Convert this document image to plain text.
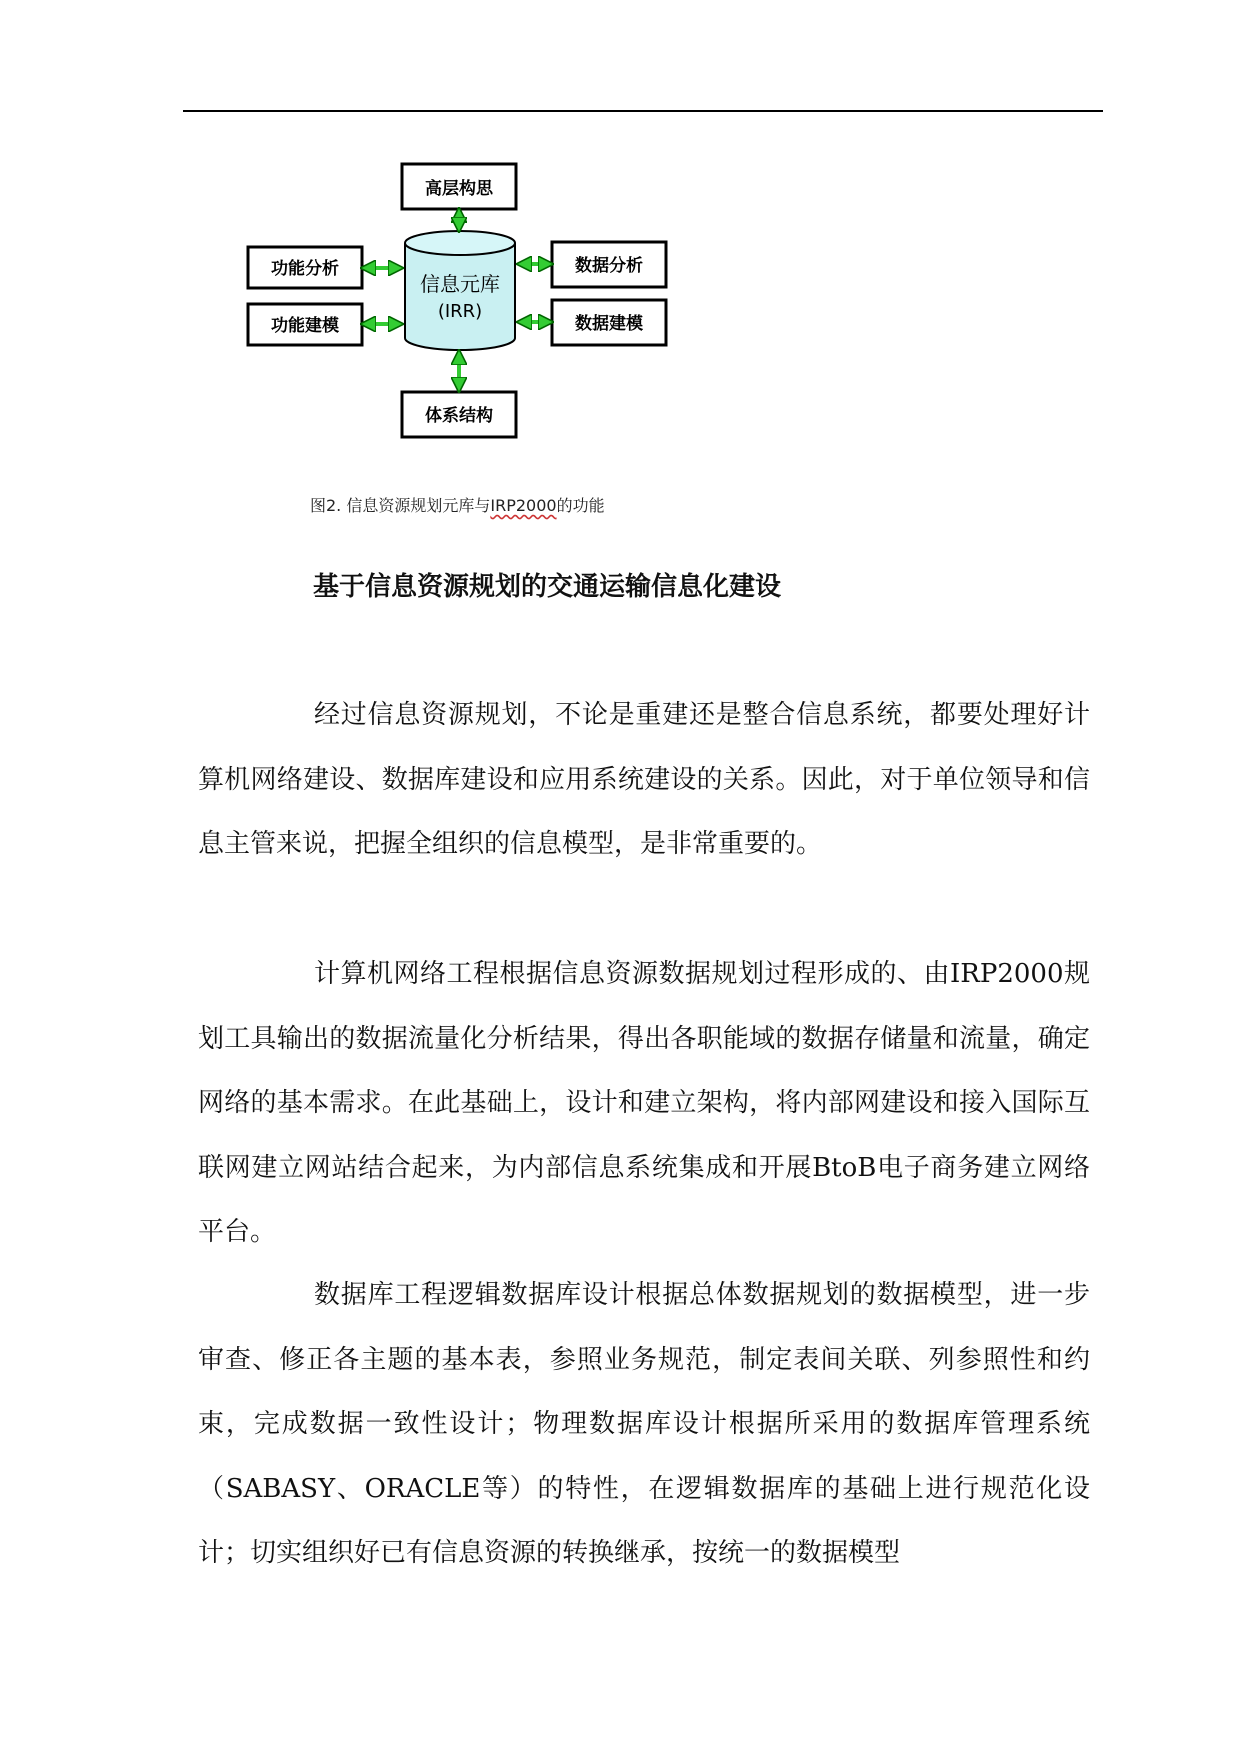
高层构思
功能分析
功能建模
数据分析
数据建模
体系结构
信息元库
(IRR)
图2. 信息资源规划元库与IRP2000的功能
基于信息资源规划的交通运输信息化建设

经过信息资源规划，不论是重建还是整合信息系统，都要处理好计算机网络建设、数据库建设和应用系统建设的关系。因此，对于单位领导和信息主管来说，把握全组织的信息模型，是非常重要的。

计算机网络工程根据信息资源数据规划过程形成的、由IRP2000规划工具输出的数据流量化分析结果，得出各职能域的数据存储量和流量，确定网络的基本需求。在此基础上，设计和建立架构，将内部网建设和接入国际互联网建立网站结合起来，为内部信息系统集成和开展BtoB电子商务建立网络平台。

数据库工程逻辑数据库设计根据总体数据规划的数据模型，进一步审查、修正各主题的基本表，参照业务规范，制定表间关联、列参照性和约束，完成数据一致性设计；物理数据库设计根据所采用的数据库管理系统（SABASY、ORACLE等）的特性，在逻辑数据库的基础上进行规范化设计；切实组织好已有信息资源的转换继承，按统一的数据模型
